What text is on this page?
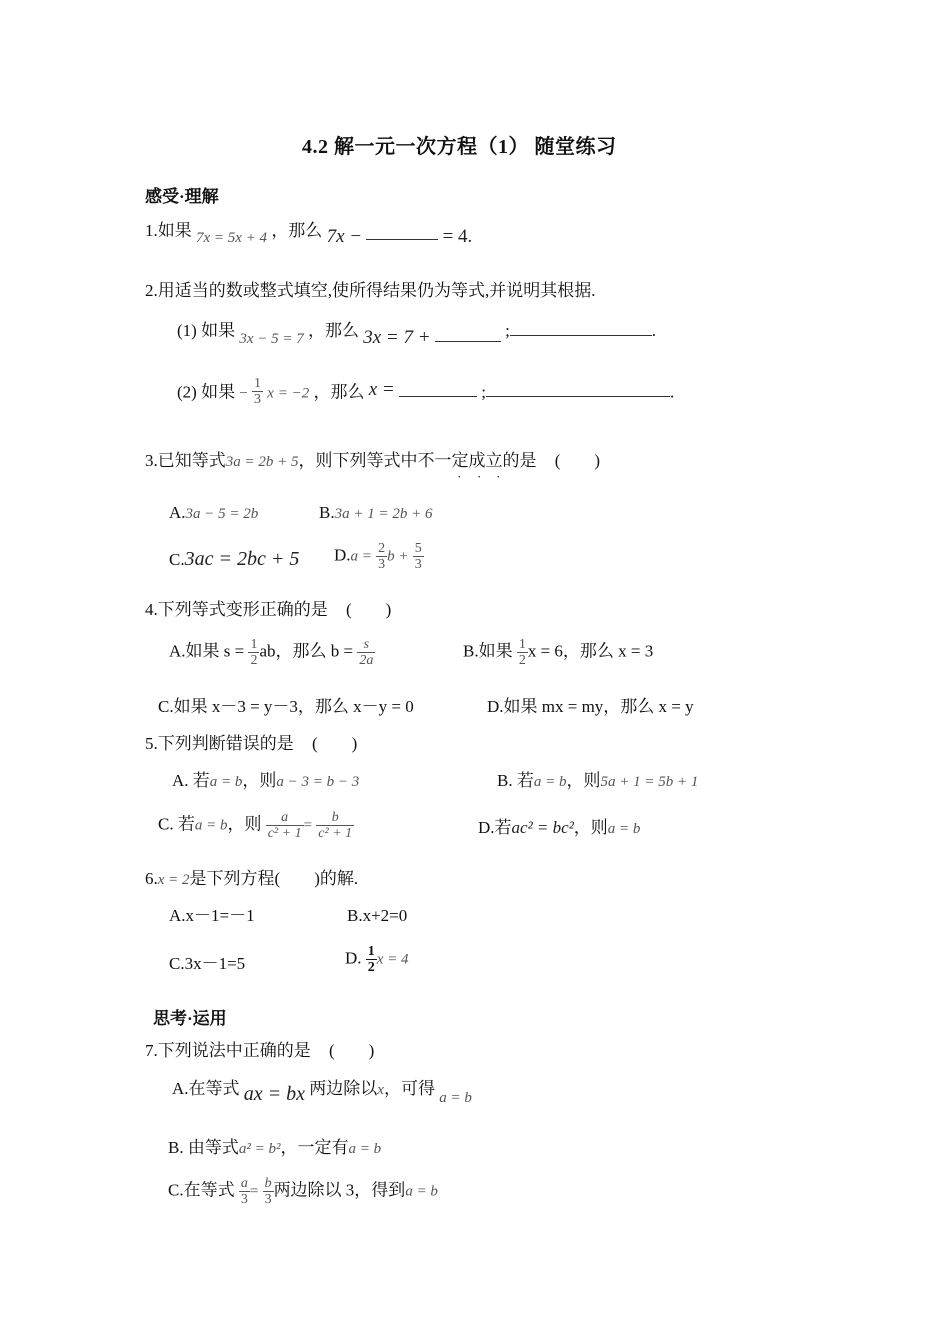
4.2 解一元一次方程（1） 随堂练习
感受·理解
1.如果 7x = 5x + 4 ，那么 7x −	= 4.
2.用适当的数或整式填空,使所得结果仍为等式,并说明其根据.
(1) 如果 3x − 5 = 7 ，那么 3x = 7 +	;	.
(2) 如果 − $\frac{1}{3}$ x = −2 ，那么 x =	;	.
3.已知等式3a = 2b + 5，则下列等式中不一定成立的是 (　　)
· · ·
A.3a − 5 = 2b	B.3a + 1 = 2b + 6
C.3ac = 2bc + 5 $D.a = \frac{2}{3}$ $b + \frac{5}{3}$
4.下列等式变形正确的是 (　　)
A.如果 $s = \frac{1}{2}$ ab，那么 $b = \frac{s}{2a}$	B.如果 $\frac{1}{2}$ x = 6，那么 x = 3
C.如果 x－3 = y－3，那么 x－y = 0	D.如果 mx = my，那么 x = y
5.下列判断错误的是 (　　)
A. 若a = b，则a − 3 = b − 3	B. 若a = b，则5a + 1 = 5b + 1
C. 若a = b，则 $\frac{a}{\text{c² + 1}} = \frac{b}{\text{c² + 1}}$	D.若ac² = bc²，则a = b
6.x = 2是下列方程(　　)的解.
A.x－1=－1	B.x+2=0
C.3x－1=5	D. $\frac{1}{2}$ x = 4
思考·运用
7.下列说法中正确的是 (　　)
A.在等式 ax = bx 两边除以x，可得 a = b
B. 由等式a² = b²，一定有a = b
C.在等式 $\frac{a}{3} = \frac{b}{3}$ 两边除以 3，得到a = b
